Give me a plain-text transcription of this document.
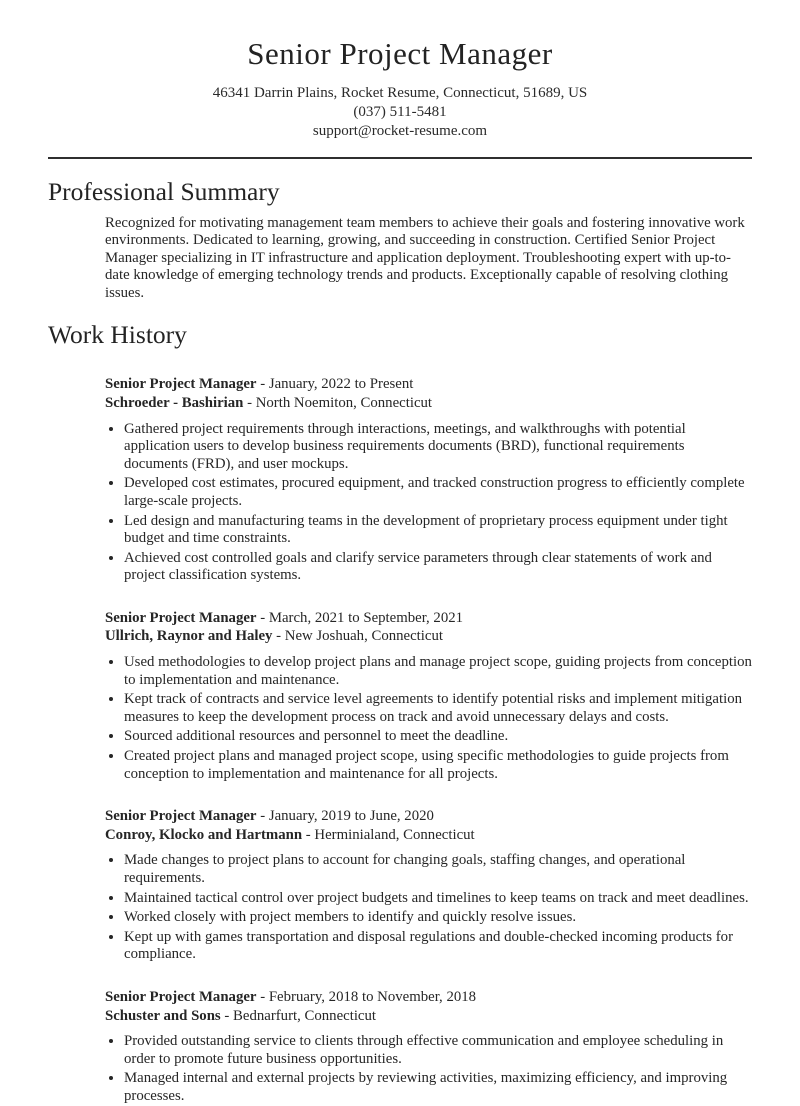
Senior Project Manager
46341 Darrin Plains, Rocket Resume, Connecticut, 51689, US
(037) 511-5481
support@rocket-resume.com
Professional Summary

Recognized for motivating management team members to achieve their goals and fostering innovative work environments. Dedicated to learning, growing, and succeeding in construction. Certified Senior Project Manager specializing in IT infrastructure and application deployment. Troubleshooting expert with up-to-date knowledge of emerging technology trends and products. Exceptionally capable of resolving clothing issues.

Work History
Senior Project Manager - January, 2022 to Present
Schroeder - Bashirian - North Noemiton, Connecticut
• Gathered project requirements through interactions, meetings, and walkthroughs with potential application users to develop business requirements documents (BRD), functional requirements documents (FRD), and user mockups.
• Developed cost estimates, procured equipment, and tracked construction progress to efficiently complete large-scale projects.
• Led design and manufacturing teams in the development of proprietary process equipment under tight budget and time constraints.
• Achieved cost controlled goals and clarify service parameters through clear statements of work and project classification systems.
Senior Project Manager - March, 2021 to September, 2021
Ullrich, Raynor and Haley - New Joshuah, Connecticut
• Used methodologies to develop project plans and manage project scope, guiding projects from conception to implementation and maintenance.
• Kept track of contracts and service level agreements to identify potential risks and implement mitigation measures to keep the development process on track and avoid unnecessary delays and costs.
• Sourced additional resources and personnel to meet the deadline.
• Created project plans and managed project scope, using specific methodologies to guide projects from conception to implementation and maintenance for all projects.
Senior Project Manager - January, 2019 to June, 2020
Conroy, Klocko and Hartmann - Herminialand, Connecticut
• Made changes to project plans to account for changing goals, staffing changes, and operational requirements.
• Maintained tactical control over project budgets and timelines to keep teams on track and meet deadlines.
• Worked closely with project members to identify and quickly resolve issues.
• Kept up with games transportation and disposal regulations and double-checked incoming products for compliance.
Senior Project Manager - February, 2018 to November, 2018
Schuster and Sons - Bednarfurt, Connecticut
• Provided outstanding service to clients through effective communication and employee scheduling in order to promote future business opportunities.
• Managed internal and external projects by reviewing activities, maximizing efficiency, and improving processes.
